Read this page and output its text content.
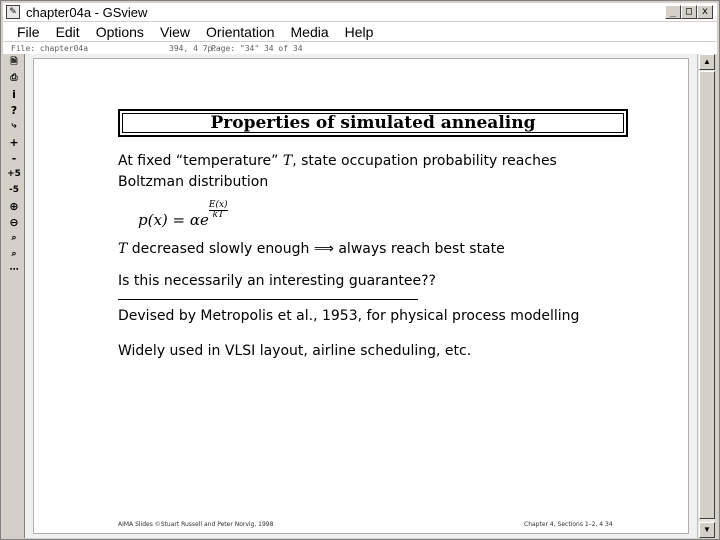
✎ chapter04a - GSview	_ □ x
File	Edit	Options	View	Orientation	Media	Help
File: chapter04a	394, 4 7p:
Page: "34" 34 of 34
🗎
⎙
i
?
⤷
+
-
+5
-5
⊕
⊖
⌕
⌕
⋯
Properties of simulated annealing
At fixed “temperature” T, state occupation probability reaches
Boltzman distribution
$p(x) = \alpha e\frac{E(x)}{kT}$
T decreased slowly enough ⟹ always reach best state
Is this necessarily an interesting guarantee??
Devised by Metropolis et al., 1953, for physical process modelling
Widely used in VLSI layout, airline scheduling, etc.
AIMA Slides ©Stuart Russell and Peter Norvig, 1998	Chapter 4, Sections 1–2, 4 34
▲
▼
